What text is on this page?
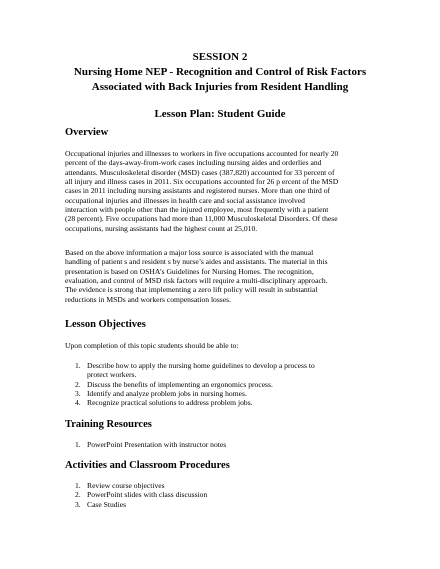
SESSION 2
Nursing Home NEP - Recognition and Control of Risk Factors
Associated with Back Injuries from Resident Handling
Lesson Plan: Student Guide
Overview
Occupational injuries and illnesses to workers in five occupations accounted for nearly 20
percent of the days-away-from-work cases including nursing aides and orderlies and
attendants. Musculoskeletal disorder (MSD) cases (387,820) accounted for 33 percent of
all injury and illness cases in 2011. Six occupations accounted for 26 p ercent of the MSD
cases in 2011 including nursing assistants and registered nurses. More than one third of
occupational injuries and illnesses in health care and social assistance involved
interaction with people other than the injured employee, most frequently with a patient
(28 percent). Five occupations had more than 11,000 Musculoskeletal Disorders. Of these
occupations, nursing assistants had the highest count at 25,010.
Based on the above information a major loss source is associated with the manual
handling of patient s and resident s by nurse’s aides and assistants. The material in this
presentation is based on OSHA’s Guidelines for Nursing Homes. The recognition,
evaluation, and control of MSD risk factors will require a multi-disciplinary approach.
The evidence is strong that implementing a zero lift policy will result in substantial
reductions in MSDs and workers compensation losses.
Lesson Objectives
Upon completion of this topic students should be able to:
1. Describe how to apply the nursing home guidelines to develop a process to
protect workers.
2. Discuss the benefits of implementing an ergonomics process.
3. Identify and analyze problem jobs in nursing homes.
4. Recognize practical solutions to address problem jobs.
Training Resources
1. PowerPoint Presentation with instructor notes
Activities and Classroom Procedures
1. Review course objectives
2. PowerPoint slides with class discussion
3. Case Studies
